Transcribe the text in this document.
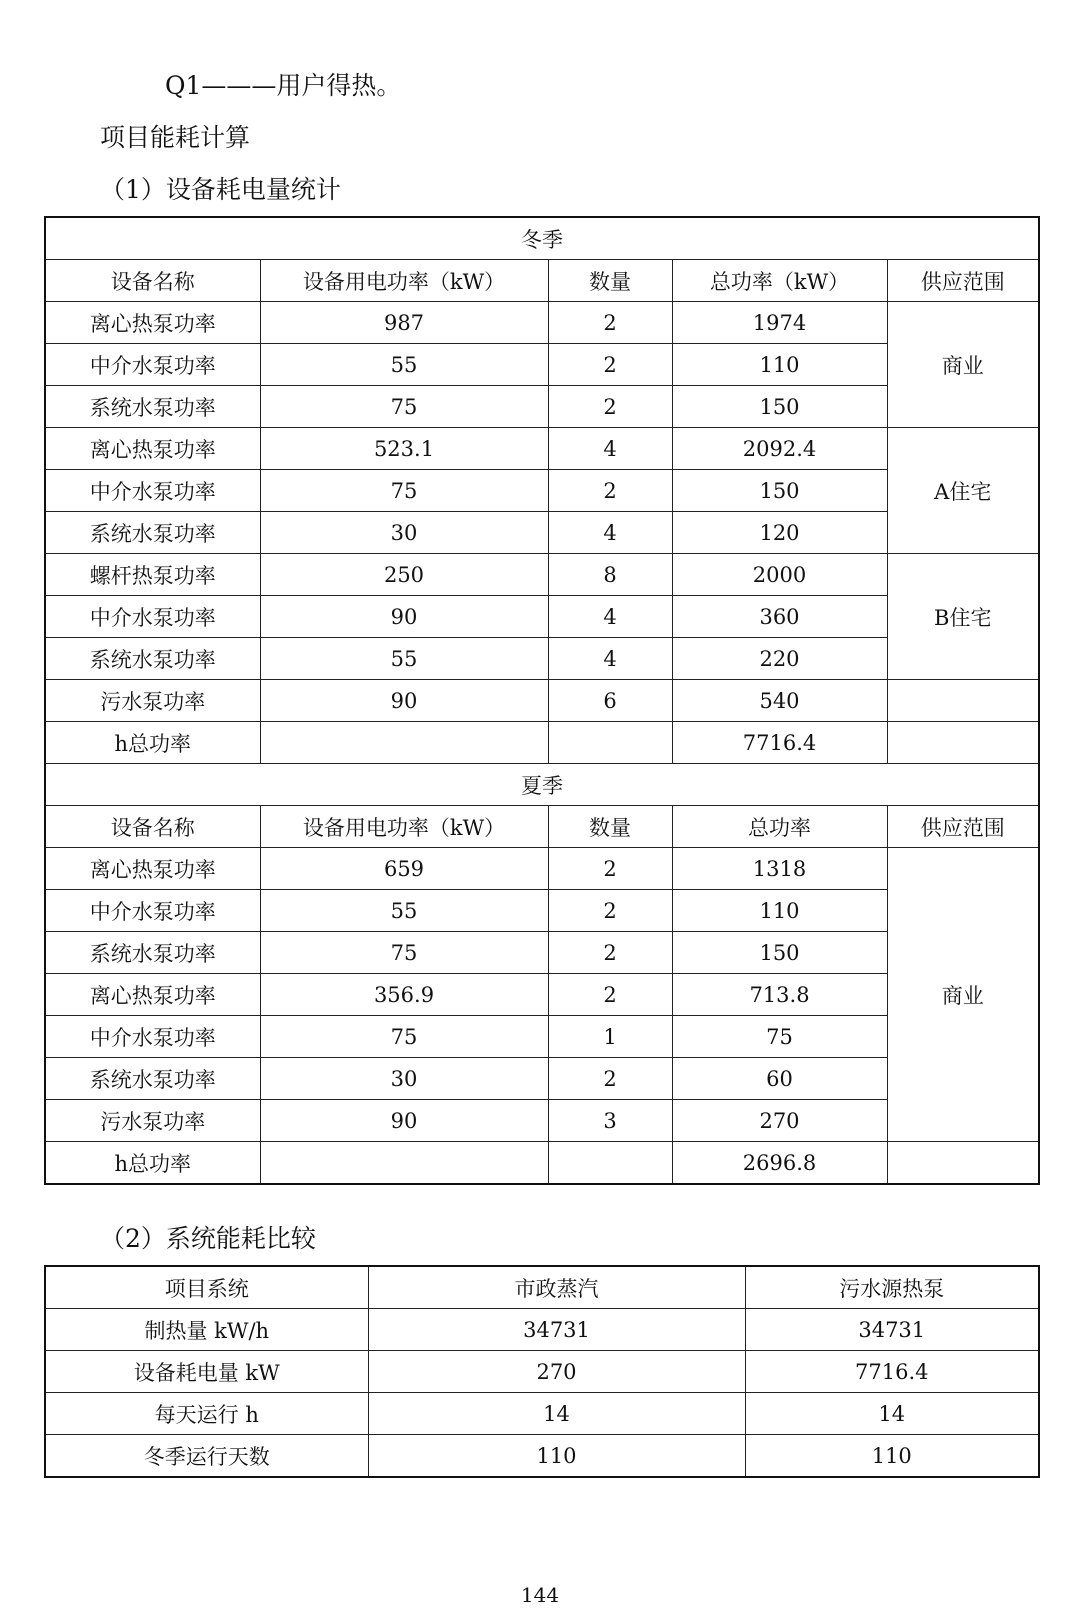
Q1———用户得热。
项目能耗计算
（1）设备耗电量统计
冬季				
设备名称	设备用电功率（kW）	数量	总功率（kW）	供应范围
离心热泵功率	987	2	1974	商业
中介水泵功率	55	2	110	
系统水泵功率	75	2	150	
离心热泵功率	523.1	4	2092.4	A住宅
中介水泵功率	75	2	150	
系统水泵功率	30	4	120	
螺杆热泵功率	250	8	2000	B住宅
中介水泵功率	90	4	360	
系统水泵功率	55	4	220	
污水泵功率	90	6	540	
h总功率			7716.4	
夏季				
设备名称	设备用电功率（kW）	数量	总功率	供应范围
离心热泵功率	659	2	1318	商业
中介水泵功率	55	2	110	
系统水泵功率	75	2	150	
离心热泵功率	356.9	2	713.8	
中介水泵功率	75	1	75	
系统水泵功率	30	2	60	
污水泵功率	90	3	270	
h总功率			2696.8	
（2）系统能耗比较
项目系统	市政蒸汽	污水源热泵
制热量 kW/h	34731	34731
设备耗电量 kW	270	7716.4
每天运行 h	14	14
冬季运行天数	110	110
144
